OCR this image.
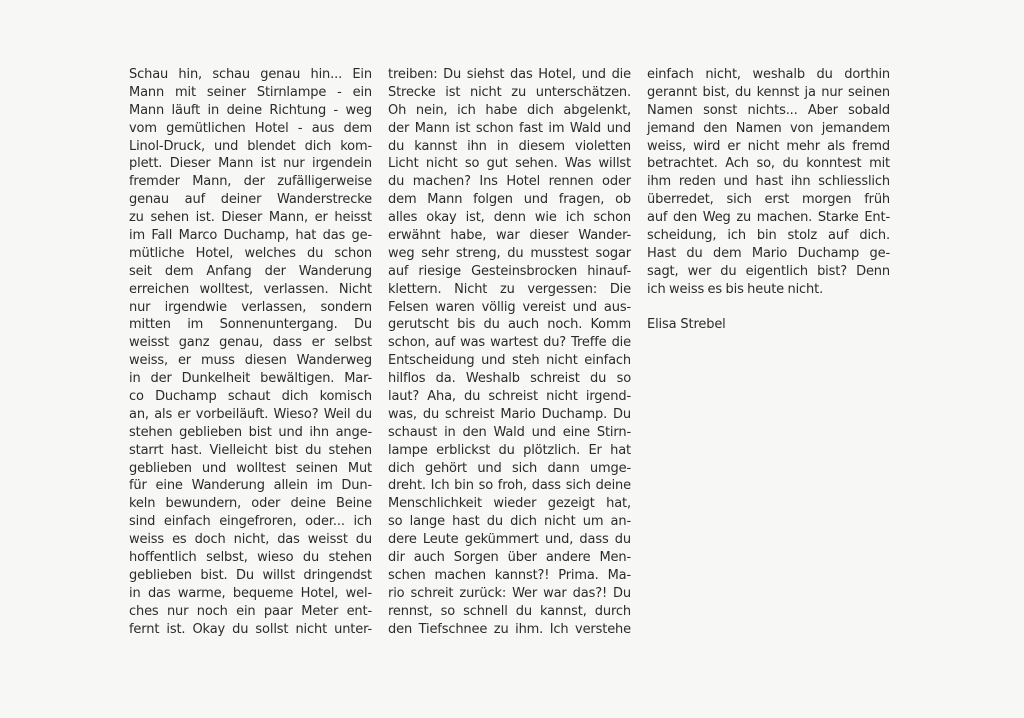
Schau hin, schau genau hin... Ein
Mann mit seiner Stirnlampe - ein
Mann läuft in deine Richtung - weg
vom gemütlichen Hotel - aus dem
Linol-Druck, und blendet dich kom-
plett. Dieser Mann ist nur irgendein
fremder Mann, der zufälligerweise
genau auf deiner Wanderstrecke
zu sehen ist. Dieser Mann, er heisst
im Fall Marco Duchamp, hat das ge-
mütliche Hotel, welches du schon
seit dem Anfang der Wanderung
erreichen wolltest, verlassen. Nicht
nur irgendwie verlassen, sondern
mitten im Sonnenuntergang. Du
weisst ganz genau, dass er selbst
weiss, er muss diesen Wanderweg
in der Dunkelheit bewältigen. Mar-
co Duchamp schaut dich komisch
an, als er vorbeiläuft. Wieso? Weil du
stehen geblieben bist und ihn ange-
starrt hast. Vielleicht bist du stehen
geblieben und wolltest seinen Mut
für eine Wanderung allein im Dun-
keln bewundern, oder deine Beine
sind einfach eingefroren, oder... ich
weiss es doch nicht, das weisst du
hoffentlich selbst, wieso du stehen
geblieben bist. Du willst dringendst
in das warme, bequeme Hotel, wel-
ches nur noch ein paar Meter ent-
fernt ist. Okay du sollst nicht unter-
treiben: Du siehst das Hotel, und die
Strecke ist nicht zu unterschätzen.
Oh nein, ich habe dich abgelenkt,
der Mann ist schon fast im Wald und
du kannst ihn in diesem violetten
Licht nicht so gut sehen. Was willst
du machen? Ins Hotel rennen oder
dem Mann folgen und fragen, ob
alles okay ist, denn wie ich schon
erwähnt habe, war dieser Wander-
weg sehr streng, du musstest sogar
auf riesige Gesteinsbrocken hinauf-
klettern. Nicht zu vergessen: Die
Felsen waren völlig vereist und aus-
gerutscht bis du auch noch. Komm
schon, auf was wartest du? Treffe die
Entscheidung und steh nicht einfach
hilflos da. Weshalb schreist du so
laut? Aha, du schreist nicht irgend-
was, du schreist Mario Duchamp. Du
schaust in den Wald und eine Stirn-
lampe erblickst du plötzlich. Er hat
dich gehört und sich dann umge-
dreht. Ich bin so froh, dass sich deine
Menschlichkeit wieder gezeigt hat,
so lange hast du dich nicht um an-
dere Leute gekümmert und, dass du
dir auch Sorgen über andere Men-
schen machen kannst?! Prima. Ma-
rio schreit zurück: Wer war das?! Du
rennst, so schnell du kannst, durch
den Tiefschnee zu ihm. Ich verstehe
einfach nicht, weshalb du dorthin
gerannt bist, du kennst ja nur seinen
Namen sonst nichts... Aber sobald
jemand den Namen von jemandem
weiss, wird er nicht mehr als fremd
betrachtet. Ach so, du konntest mit
ihm reden und hast ihn schliesslich
überredet, sich erst morgen früh
auf den Weg zu machen. Starke Ent-
scheidung, ich bin stolz auf dich.
Hast du dem Mario Duchamp ge-
sagt, wer du eigentlich bist? Denn
ich weiss es bis heute nicht.
Elisa Strebel
